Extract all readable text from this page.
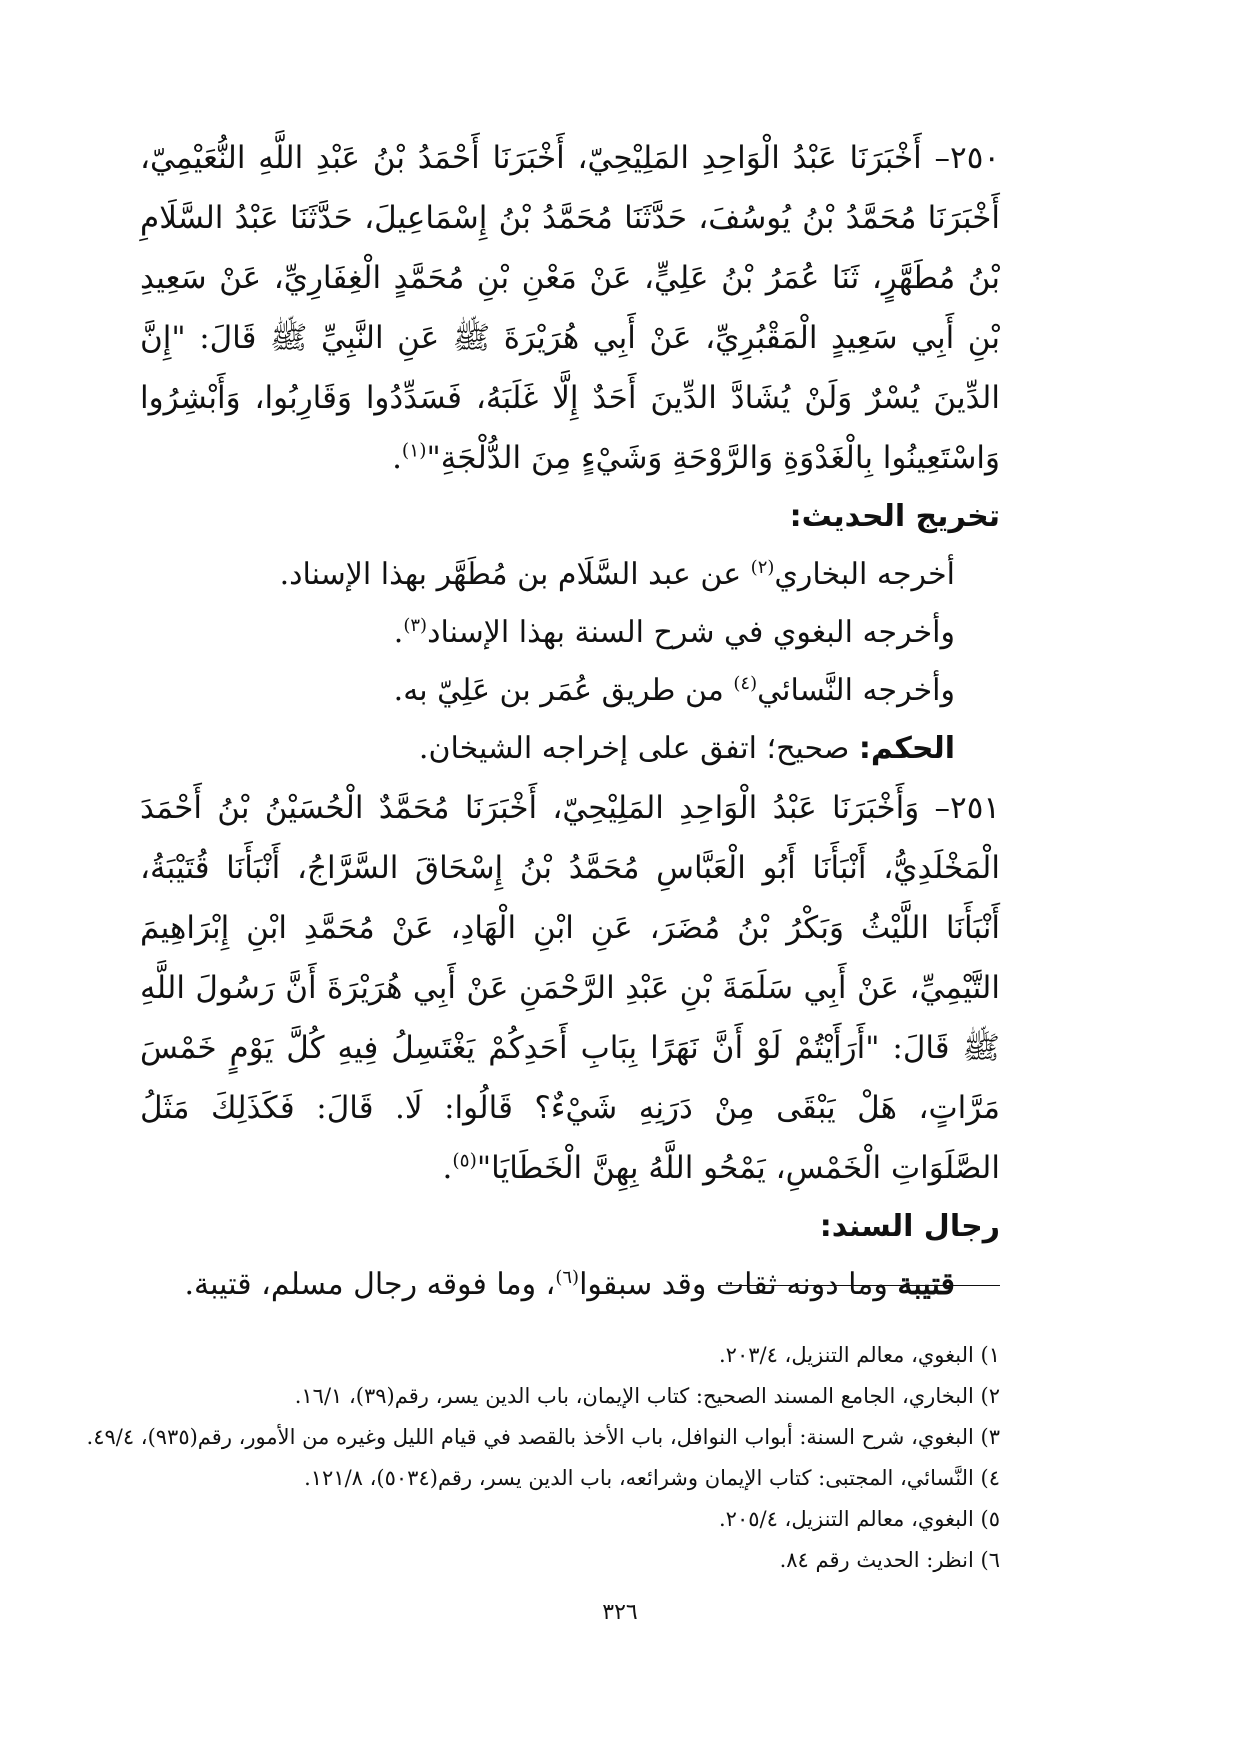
٢٥٠– أَخْبَرَنَا عَبْدُ الْوَاحِدِ المَلِيْحِيّ، أَخْبَرَنَا أَحْمَدُ بْنُ عَبْدِ اللَّهِ النُّعَيْمِيّ، أَخْبَرَنَا مُحَمَّدُ بْنُ يُوسُفَ، حَدَّثَنَا مُحَمَّدُ بْنُ إِسْمَاعِيلَ، حَدَّثَنَا عَبْدُ السَّلَامِ بْنُ مُطَهَّرٍ، ثَنَا عُمَرُ بْنُ عَلِيٍّ، عَنْ مَعْنِ بْنِ مُحَمَّدٍ الْغِفَارِيِّ، عَنْ سَعِيدِ بْنِ أَبِي سَعِيدٍ الْمَقْبُرِيِّ، عَنْ أَبِي هُرَيْرَةَ ﷺ عَنِ النَّبِيِّ ﷺ قَالَ: "إِنَّ الدِّينَ يُسْرٌ وَلَنْ يُشَادَّ الدِّينَ أَحَدٌ إِلَّا غَلَبَهُ، فَسَدِّدُوا وَقَارِبُوا، وَأَبْشِرُوا وَاسْتَعِينُوا بِالْغَدْوَةِ وَالرَّوْحَةِ وَشَيْءٍ مِنَ الدُّلْجَةِ"$^{(١)}$.

تخريج الحديث:

أخرجه البخاري$^{(٢)}$ عن عبد السَّلَام بن مُطَهَّر بهذا الإسناد.

وأخرجه البغوي في شرح السنة بهذا الإسناد$^{(٣)}$.

وأخرجه النَّسائي$^{(٤)}$ من طريق عُمَر بن عَلِيّ به.

الحكم: صحيح؛ اتفق على إخراجه الشيخان.

٢٥١– وَأَخْبَرَنَا عَبْدُ الْوَاحِدِ المَلِيْحِيّ، أَخْبَرَنَا مُحَمَّدٌ الْحُسَيْنُ بْنُ أَحْمَدَ الْمَخْلَدِيُّ، أَنْبَأَنَا أَبُو الْعَبَّاسِ مُحَمَّدُ بْنُ إِسْحَاقَ السَّرَّاجُ، أَنْبَأَنَا قُتَيْبَةُ، أَنْبَأَنَا اللَّيْثُ وَبَكْرُ بْنُ مُضَرَ، عَنِ ابْنِ الْهَادِ، عَنْ مُحَمَّدِ ابْنِ إِبْرَاهِيمَ التَّيْمِيِّ، عَنْ أَبِي سَلَمَةَ بْنِ عَبْدِ الرَّحْمَنِ عَنْ أَبِي هُرَيْرَةَ أَنَّ رَسُولَ اللَّهِ ﷺ قَالَ: "أَرَأَيْتُمْ لَوْ أَنَّ نَهَرًا بِبَابِ أَحَدِكُمْ يَغْتَسِلُ فِيهِ كُلَّ يَوْمٍ خَمْسَ مَرَّاتٍ، هَلْ يَبْقَى مِنْ دَرَنِهِ شَيْءٌ؟ قَالُوا: لَا. قَالَ: فَكَذَلِكَ مَثَلُ الصَّلَوَاتِ الْخَمْسِ، يَمْحُو اللَّهُ بِهِنَّ الْخَطَايَا"$^{(٥)}$.

رجال السند:

قتيبة وما دونه ثقات وقد سبقوا$^{(٦)}$، وما فوقه رجال مسلم، قتيبة.

١) البغوي، معالم التنزيل، ٢٠٣/٤.

٢) البخاري، الجامع المسند الصحيح: كتاب الإيمان، باب الدين يسر، رقم(٣٩)، ١٦/١.

٣) البغوي، شرح السنة: أبواب النوافل، باب الأخذ بالقصد في قيام الليل وغيره من الأمور، رقم(٩٣٥)، ٤٩/٤.

٤) النَّسائي، المجتبى: كتاب الإيمان وشرائعه، باب الدين يسر، رقم(٥٠٣٤)، ١٢١/٨.

٥) البغوي، معالم التنزيل، ٢٠٥/٤.

٦) انظر: الحديث رقم ٨٤.

٣٢٦
